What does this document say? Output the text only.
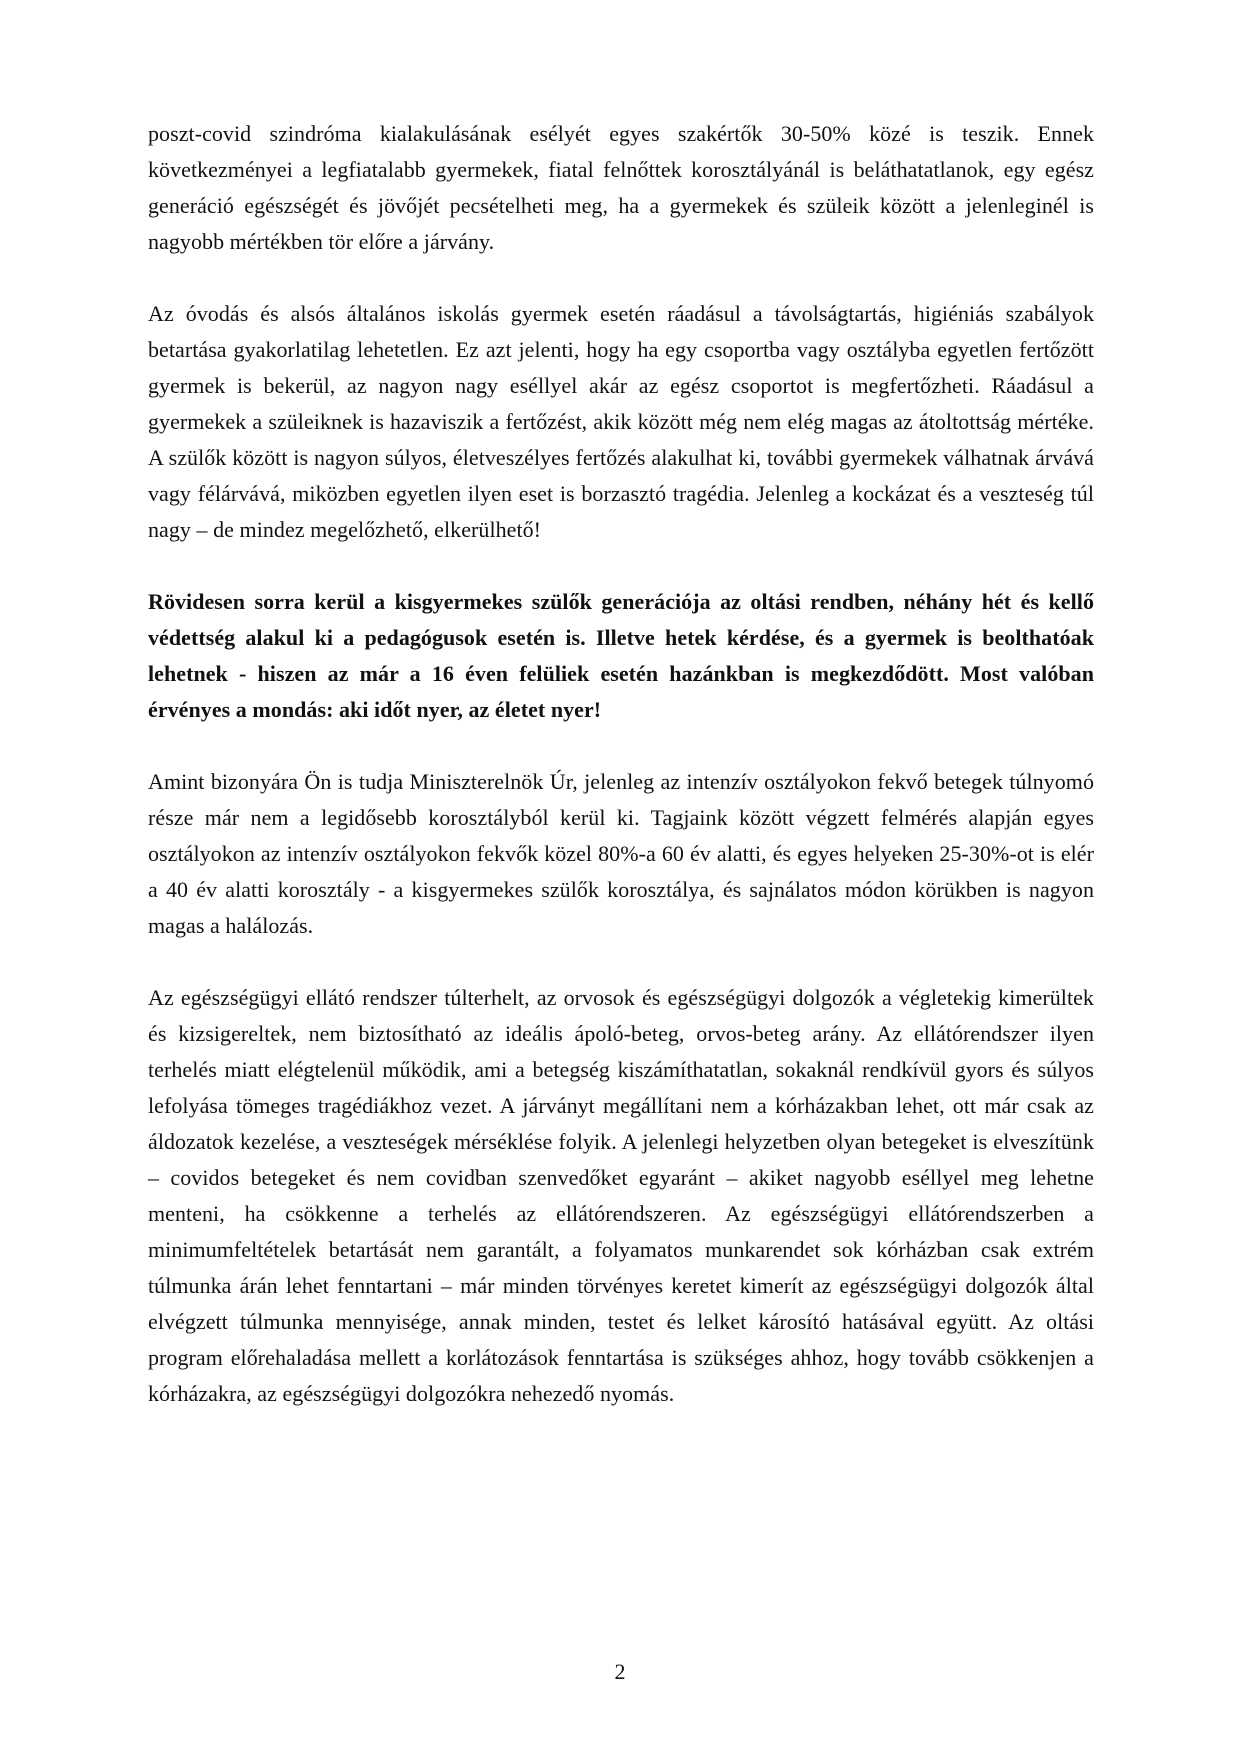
poszt-covid szindróma kialakulásának esélyét egyes szakértők 30-50% közé is teszik. Ennek következményei a legfiatalabb gyermekek, fiatal felnőttek korosztályánál is beláthatatlanok, egy egész generáció egészségét és jövőjét pecsételheti meg, ha a gyermekek és szüleik között a jelenleginél is nagyobb mértékben tör előre a járvány.

Az óvodás és alsós általános iskolás gyermek esetén ráadásul a távolságtartás, higiéniás szabályok betartása gyakorlatilag lehetetlen. Ez azt jelenti, hogy ha egy csoportba vagy osztályba egyetlen fertőzött gyermek is bekerül, az nagyon nagy eséllyel akár az egész csoportot is megfertőzheti. Ráadásul a gyermekek a szüleiknek is hazaviszik a fertőzést, akik között még nem elég magas az átoltottság mértéke. A szülők között is nagyon súlyos, életveszélyes fertőzés alakulhat ki, további gyermekek válhatnak árvává vagy félárvává, miközben egyetlen ilyen eset is borzasztó tragédia. Jelenleg a kockázat és a veszteség túl nagy – de mindez megelőzhető, elkerülhető!

Rövidesen sorra kerül a kisgyermekes szülők generációja az oltási rendben, néhány hét és kellő védettség alakul ki a pedagógusok esetén is. Illetve hetek kérdése, és a gyermek is beolthatóak lehetnek - hiszen az már a 16 éven felüliek esetén hazánkban is megkezdődött. Most valóban érvényes a mondás: aki időt nyer, az életet nyer!

Amint bizonyára Ön is tudja Miniszterelnök Úr, jelenleg az intenzív osztályokon fekvő betegek túlnyomó része már nem a legidősebb korosztályból kerül ki. Tagjaink között végzett felmérés alapján egyes osztályokon az intenzív osztályokon fekvők közel 80%-a 60 év alatti, és egyes helyeken 25-30%-ot is elér a 40 év alatti korosztály - a kisgyermekes szülők korosztálya, és sajnálatos módon körükben is nagyon magas a halálozás.

Az egészségügyi ellátó rendszer túlterhelt, az orvosok és egészségügyi dolgozók a végletekig kimerültek és kizsigereltek, nem biztosítható az ideális ápoló-beteg, orvos-beteg arány. Az ellátórendszer ilyen terhelés miatt elégtelenül működik, ami a betegség kiszámíthatatlan, sokaknál rendkívül gyors és súlyos lefolyása tömeges tragédiákhoz vezet. A járványt megállítani nem a kórházakban lehet, ott már csak az áldozatok kezelése, a veszteségek mérséklése folyik. A jelenlegi helyzetben olyan betegeket is elveszítünk – covidos betegeket és nem covidban szenvedőket egyaránt – akiket nagyobb eséllyel meg lehetne menteni, ha csökkenne a terhelés az ellátórendszeren. Az egészségügyi ellátórendszerben a minimumfeltételek betartását nem garantált, a folyamatos munkarendet sok kórházban csak extrém túlmunka árán lehet fenntartani – már minden törvényes keretet kimerít az egészségügyi dolgozók által elvégzett túlmunka mennyisége, annak minden, testet és lelket károsító hatásával együtt. Az oltási program előrehaladása mellett a korlátozások fenntartása is szükséges ahhoz, hogy tovább csökkenjen a kórházakra, az egészségügyi dolgozókra nehezedő nyomás.

2
